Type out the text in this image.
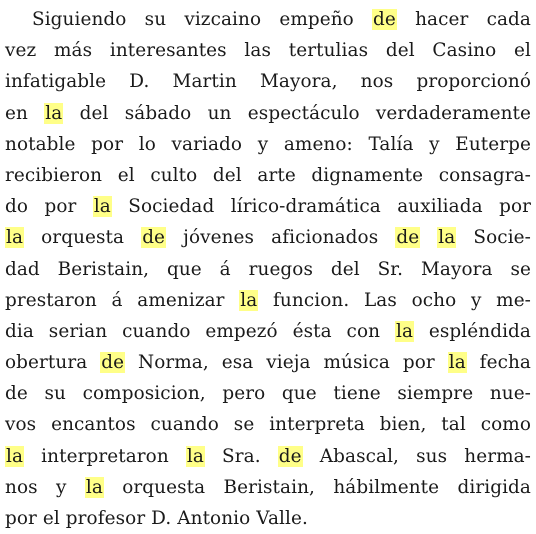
Siguiendo su vizcaino empeño de hacer cada
vez más interesantes las tertulias del Casino el
infatigable D. Martin Mayora, nos proporcionó
en la del sábado un espectáculo verdaderamente
notable por lo variado y ameno: Talía y Euterpe
recibieron el culto del arte dignamente consagra-
do por la Sociedad lírico-dramática auxiliada por
la orquesta de jóvenes aficionados de la Socie-
dad Beristain, que á ruegos del Sr. Mayora se
prestaron á amenizar la funcion. Las ocho y me-
dia serian cuando empezó ésta con la espléndida
obertura de Norma, esa vieja música por la fecha
de su composicion, pero que tiene siempre nue-
vos encantos cuando se interpreta bien, tal como
la interpretaron la Sra. de Abascal, sus herma-
nos y la orquesta Beristain, hábilmente dirigida
por el profesor D. Antonio Valle.
